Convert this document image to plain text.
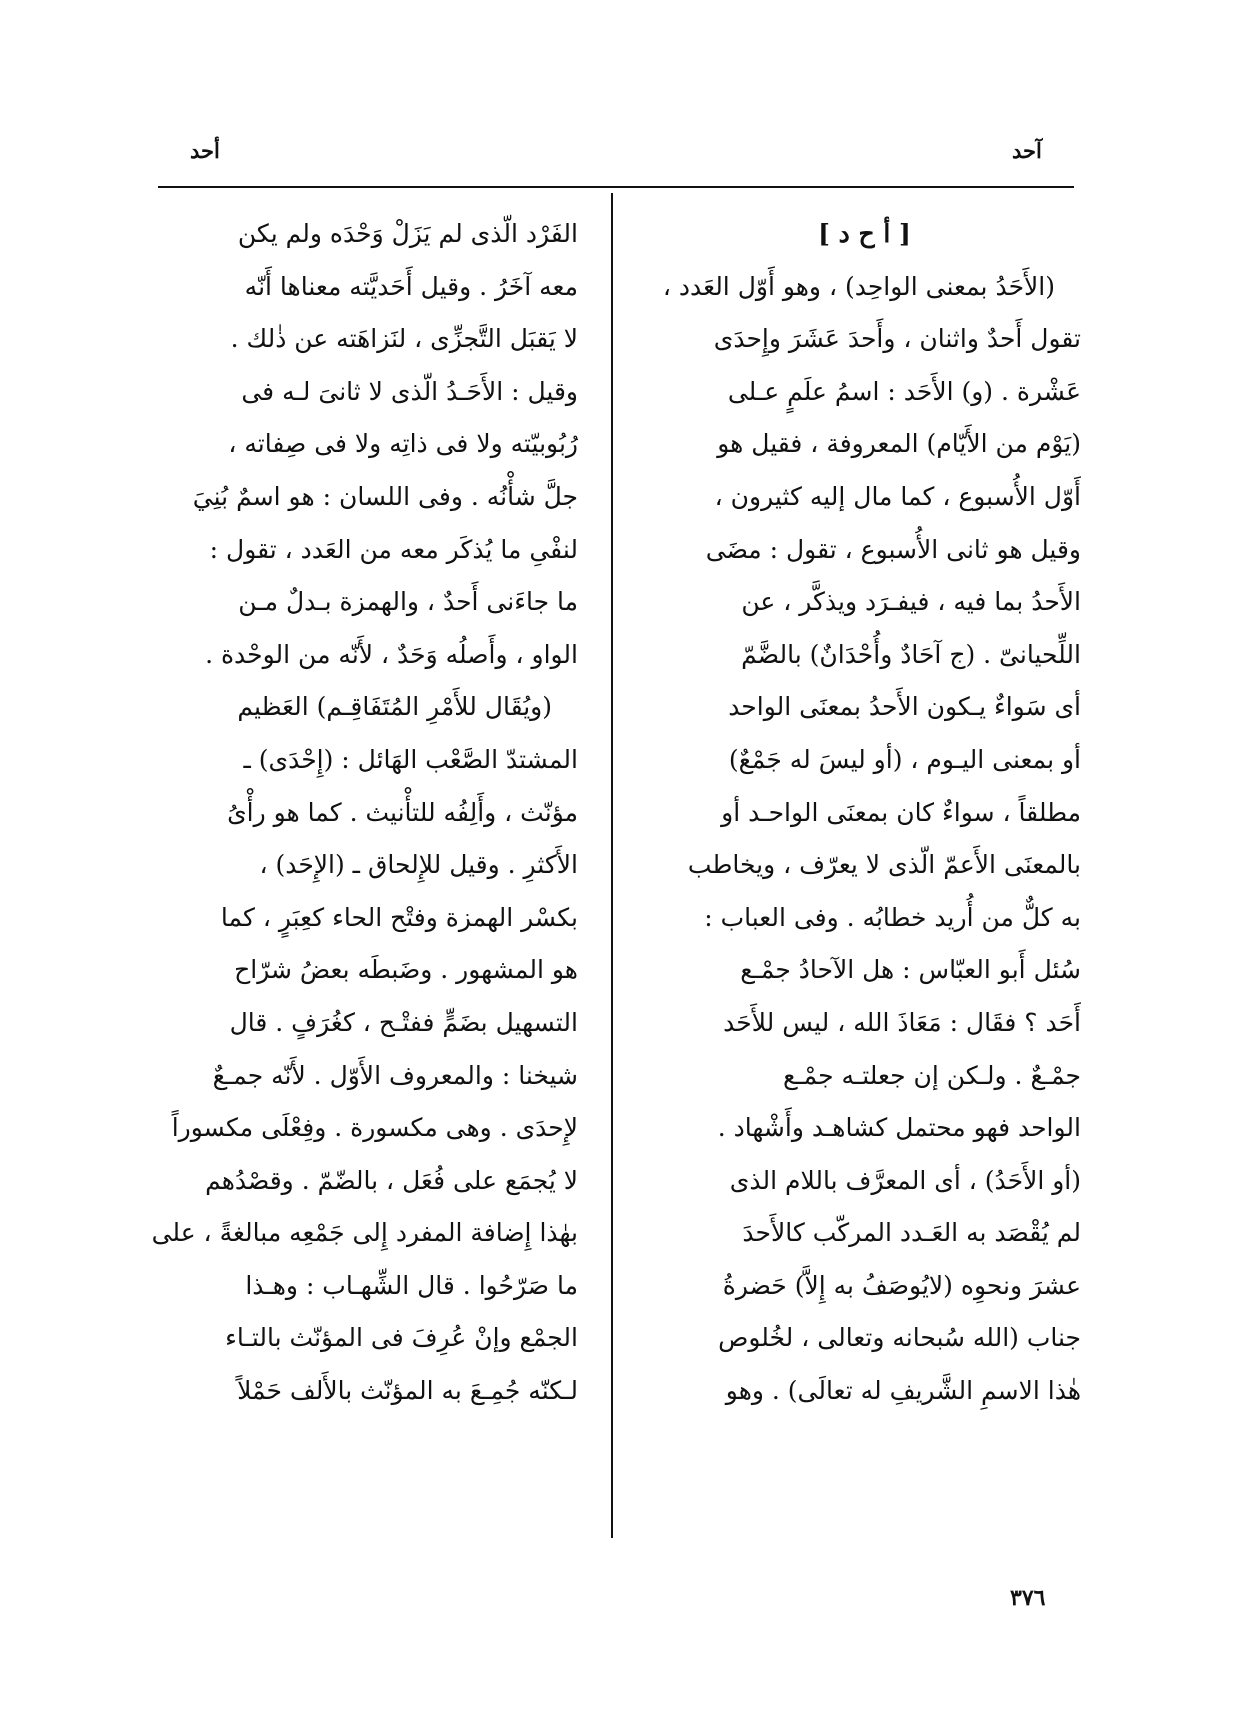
آحد
أحد
[ أ ح د ]
(الأَحَدُ بمعنى الواحِد) ، وهو أَوّل العَدد ،
تقول أَحدٌ واثنان ، وأَحدَ عَشَرَ وإِحدَى
عَشْرة . (و) الأَحَد : اسمُ علَمٍ عـلى
(يَوْم من الأَيّام) المعروفة ، فقيل هو
أَوّل الأُسبوع ، كما مال إليه كثيرون ،
وقيل هو ثانى الأُسبوع ، تقول : مضَى
الأَحدُ بما فيه ، فيفـرَد ويذكَّر ، عن
اللِّحيانىّ . (ج آحَادٌ وأُحْدَانٌ) بالضَّمّ
أى سَواءٌ يـكون الأَحدُ بمعنَى الواحد
أو بمعنى اليـوم ، (أو ليسَ له جَمْعٌ)
مطلقاً ، سواءٌ كان بمعنَى الواحـد أو
بالمعنَى الأَعمّ الّذى لا يعرّف ، ويخاطب
به كلٌّ من أُريد خطابُه . وفى العباب :
سُئل أَبو العبّاس : هل الآحادُ جمْـع
أَحَد ؟ فقَال : مَعَاذَ الله ، ليس للأَحَد
جمْـعٌ . ولـكن إن جعلتـه جمْـع
الواحد فهو محتمل كشاهـد وأَشْهاد .
(أو الأَحَدُ) ، أى المعرَّف باللام الذى
لم يُقْصَد به العَـدد المركّب كالأَحدَ
عشرَ ونحوِه (لايُوصَفُ به إِلاَّ) حَضرةُ
جناب (الله سُبحانه وتعالى ، لخُلوص
هٰذا الاسمِ الشَّريفِ له تعالَى) . وهو
الفَرْد الّذى لم يَزَلْ وَحْدَه ولم يكن
معه آخَرُ . وقيل أَحَديَّته معناها أَنّه
لا يَقبَل التَّجزِّى ، لنَزاهَته عن ذٰلك .
وقيل : الأَحَـدُ الّذى لا ثانىَ لـه فى
رُبُوبيّته ولا فى ذاتِه ولا فى صِفاته ،
جلَّ شأْنُه . وفى اللسان : هو اسمٌ بُنِيَ
لنفْىِ ما يُذكَر معه من العَدد ، تقول :
ما جاءَنى أَحدٌ ، والهمزة بـدلٌ مـن
الواو ، وأَصلُه وَحَدٌ ، لأَنّه من الوحْدة .
(ويُقَال للأَمْرِ المُتَفَاقِـم) العَظيم
المشتدّ الصَّعْب الهَائل : (إِحْدَى) ـ
مؤنّث ، وأَلِفُه للتأْنيث . كما هو رأْىُ
الأَكثرِ . وقيل للإِلحاق ـ (الإِحَد) ،
بكسْر الهمزة وفتْح الحاء كعِبَرٍ ، كما
هو المشهور . وضَبطَه بعضُ شرّاح
التسهيل بضَمٍّ ففتْـح ، كغُرَفٍ . قال
شيخنا : والمعروف الأَوّل . لأَنّه جمـعٌ
لإِحدَى . وهى مكسورة . وفِعْلَى مكسوراً
لا يُجمَع على فُعَل ، بالضّمّ . وقصْدُهم
بهٰذا إِضافة المفرد إِلى جَمْعِه مبالغةً ، على
ما صَرّحُوا . قال الشِّهـاب : وهـذا
الجمْع وإنْ عُرِفَ فى المؤنّث بالتـاء
لـكنّه جُمِـعَ به المؤنّث بالأَلف حَمْلاً
٣٧٦
